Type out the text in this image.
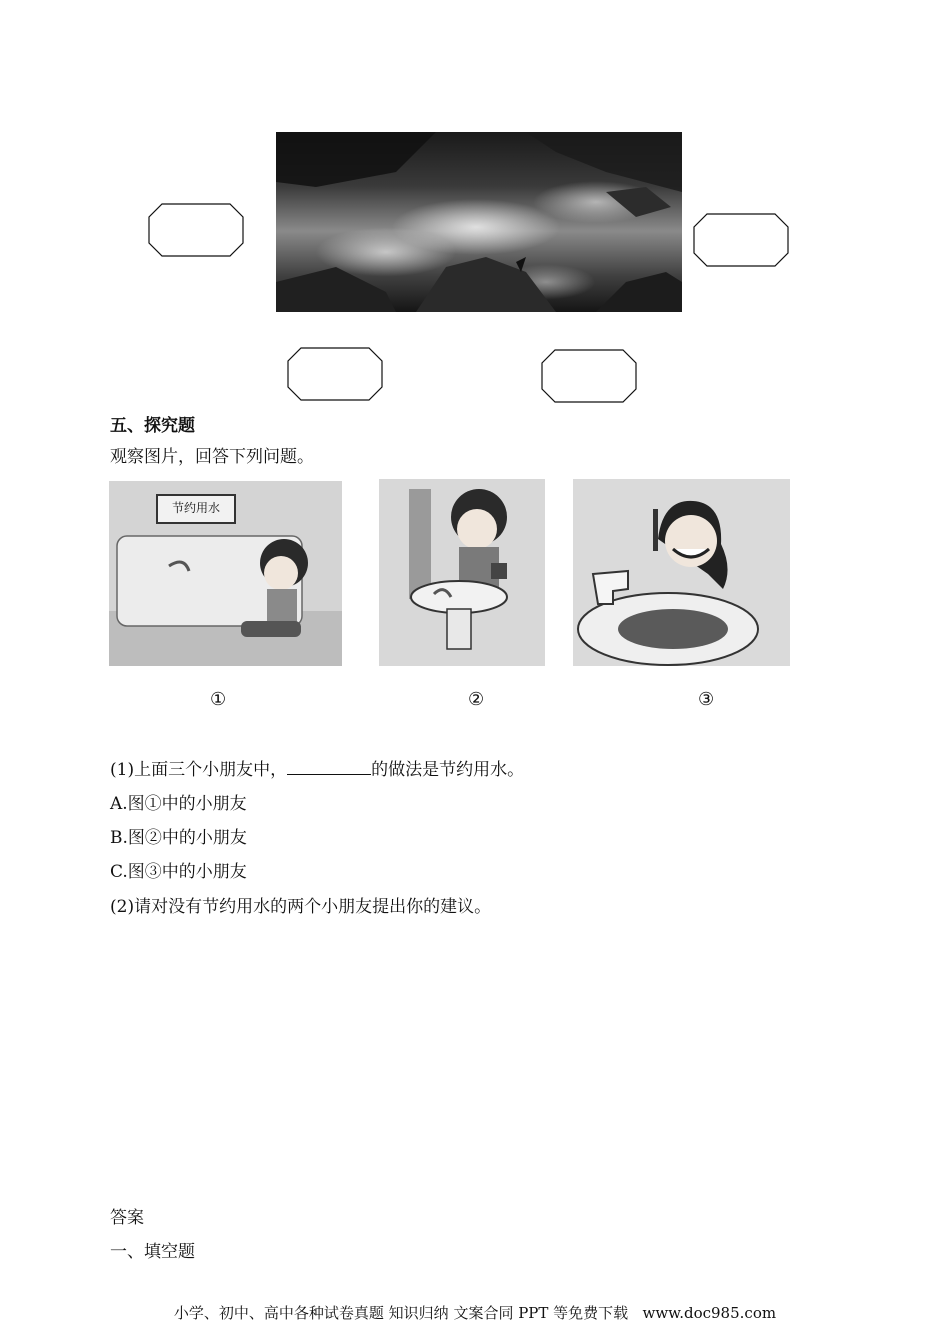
五、探究题
观察图片，回答下列问题。
节约用水
①	②	③
(1)上面三个小朋友中，	的做法是节约用水。
A.图①中的小朋友
B.图②中的小朋友
C.图③中的小朋友
(2)请对没有节约用水的两个小朋友提出你的建议。
答案
一、填空题
小学、初中、高中各种试卷真题 知识归纳 文案合同 PPT 等免费下载   www.doc985.com
